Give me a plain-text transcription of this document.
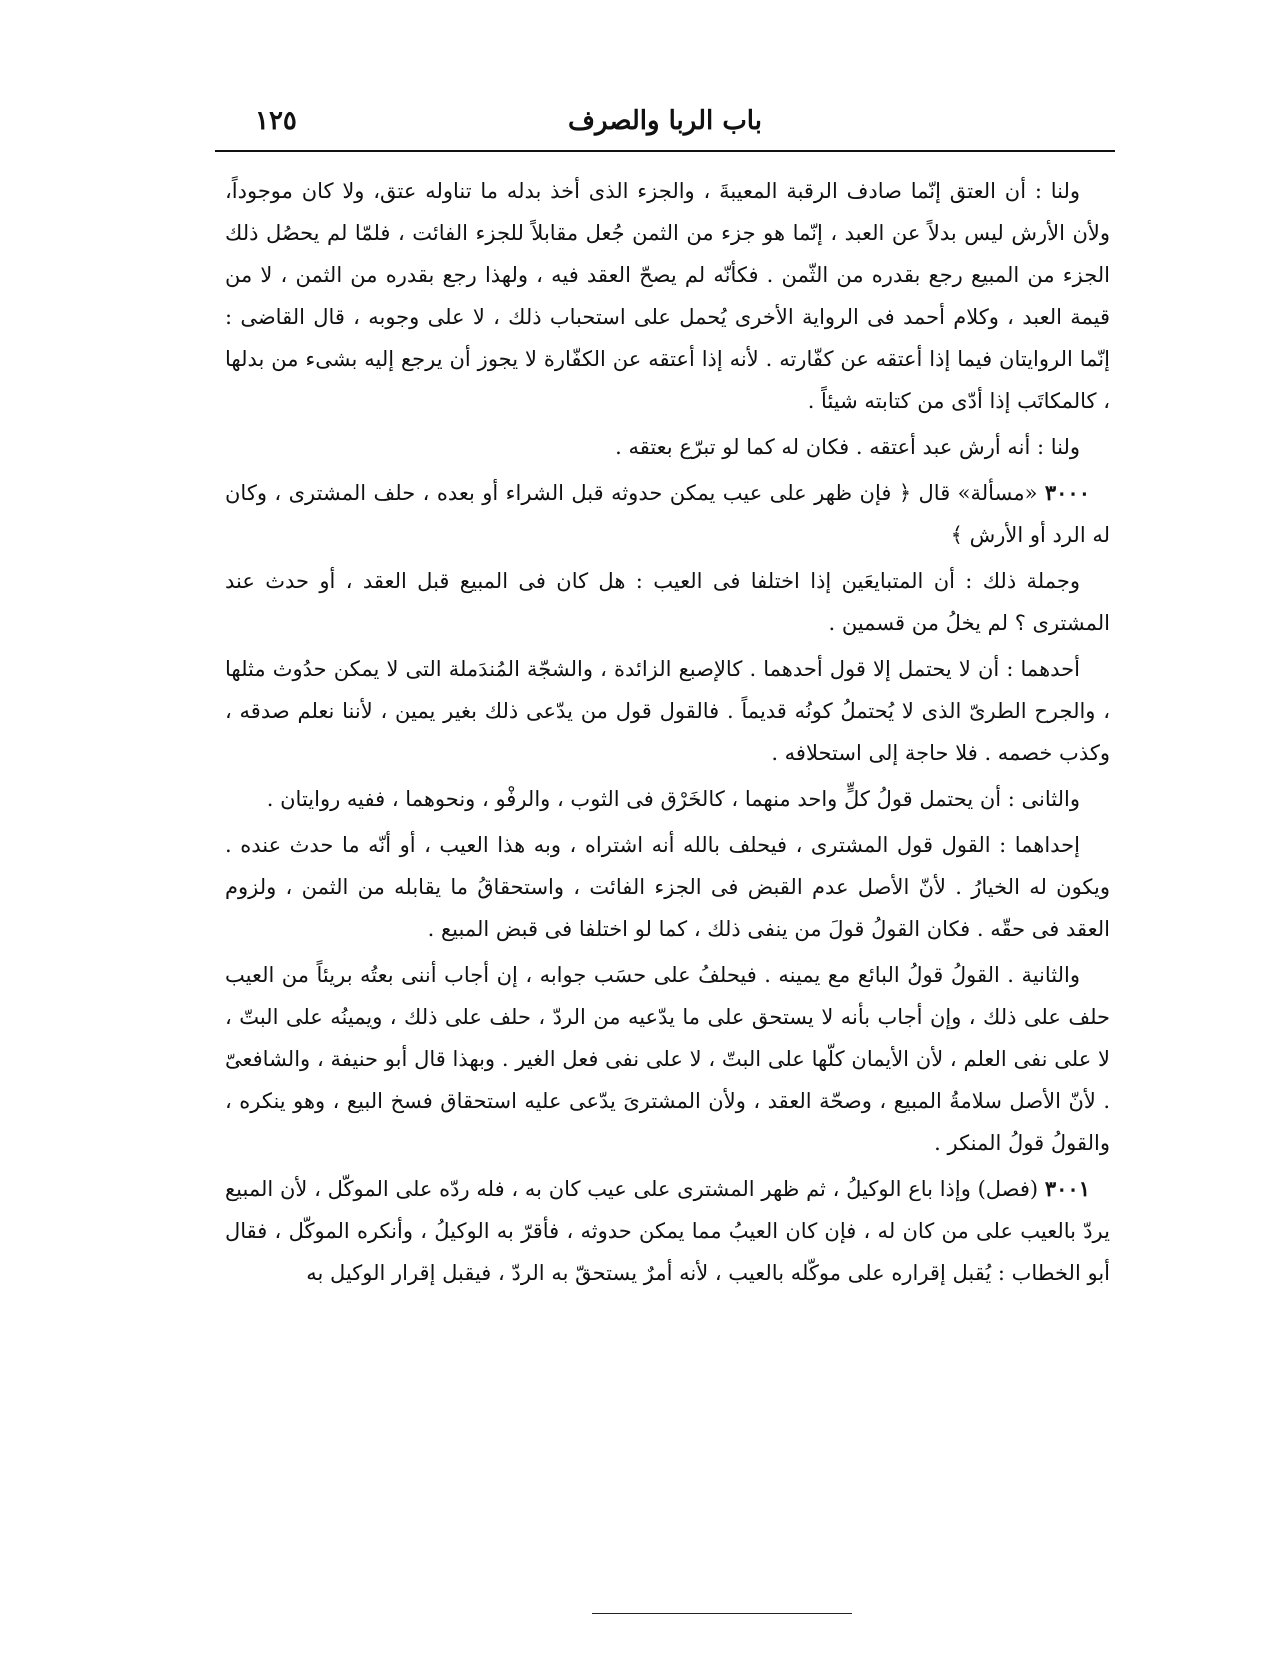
باب الربا والصرف
١٢٥

ولنا : أن العتق إنّما صادف الرقبة المعيبةَ ، والجزء الذى أخذ بدله ما تناوله عتق، ولا كان موجوداً، ولأن الأرش ليس بدلاً عن العبد ، إنّما هو جزء من الثمن جُعل مقابلاً للجزء الفائت ، فلمّا لم يحصُل ذلك الجزء من المبيع رجع بقدره من الثّمن . فكأنّه لم يصحّ العقد فيه ، ولهذا رجع بقدره من الثمن ، لا من قيمة العبد ، وكلام أحمد فى الرواية الأخرى يُحمل على استحباب ذلك ، لا على وجوبه ، قال القاضى : إنّما الروايتان فيما إذا أعتقه عن كفّارته . لأنه إذا أعتقه عن الكفّارة لا يجوز أن يرجع إليه بشىء من بدلها ، كالمكاتَب إذا أدّى من كتابته شيئاً .

ولنا : أنه أرش عبد أعتقه . فكان له كما لو تبرّع بعتقه .

٣٠٠٠ «مسألة» قال ﴿ فإن ظهر على عيب يمكن حدوثه قبل الشراء أو بعده ، حلف المشترى ، وكان له الرد أو الأرش ﴾

وجملة ذلك : أن المتبايعَين إذا اختلفا فى العيب : هل كان فى المبيع قبل العقد ، أو حدث عند المشترى ؟ لم يخلُ من قسمين .

أحدهما : أن لا يحتمل إلا قول أحدهما . كالإصبع الزائدة ، والشجّة المُندَملة التى لا يمكن حدُوث مثلها ، والجرح الطرىّ الذى لا يُحتملُ كونُه قديماً . فالقول قول من يدّعى ذلك بغير يمين ، لأننا نعلم صدقه ، وكذب خصمه . فلا حاجة إلى استحلافه .

والثانى : أن يحتمل قولُ كلٍّ واحد منهما ، كالخَرْق فى الثوب ، والرفْو ، ونحوهما ، ففيه روايتان .

إحداهما : القول قول المشترى ، فيحلف بالله أنه اشتراه ، وبه هذا العيب ، أو أنّه ما حدث عنده . ويكون له الخيارُ . لأنّ الأصل عدم القبض فى الجزء الفائت ، واستحقاقُ ما يقابله من الثمن ، ولزوم العقد فى حقّه . فكان القولُ قولَ من ينفى ذلك ، كما لو اختلفا فى قبض المبيع .

والثانية . القولُ قولُ البائع مع يمينه . فيحلفُ على حسَب جوابه ، إن أجاب أننى بعتُه بريئاً من العيب حلف على ذلك ، وإن أجاب بأنه لا يستحق على ما يدّعيه من الردّ ، حلف على ذلك ، ويمينُه على البتّ ، لا على نفى العلم ، لأن الأيمان كلّها على البتّ ، لا على نفى فعل الغير . وبهذا قال أبو حنيفة ، والشافعىّ . لأنّ الأصل سلامةُ المبيع ، وصحّة العقد ، ولأن المشترىَ يدّعى عليه استحقاق فسخ البيع ، وهو ينكره ، والقولُ قولُ المنكر .

٣٠٠١ (فصل) وإذا باع الوكيلُ ، ثم ظهر المشترى على عيب كان به ، فله ردّه على الموكّل ، لأن المبيع يردّ بالعيب على من كان له ، فإن كان العيبُ مما يمكن حدوثه ، فأقرّ به الوكيلُ ، وأنكره الموكّل ، فقال أبو الخطاب : يُقبل إقراره على موكّله بالعيب ، لأنه أمرٌ يستحقّ به الردّ ، فيقبل إقرار الوكيل به
